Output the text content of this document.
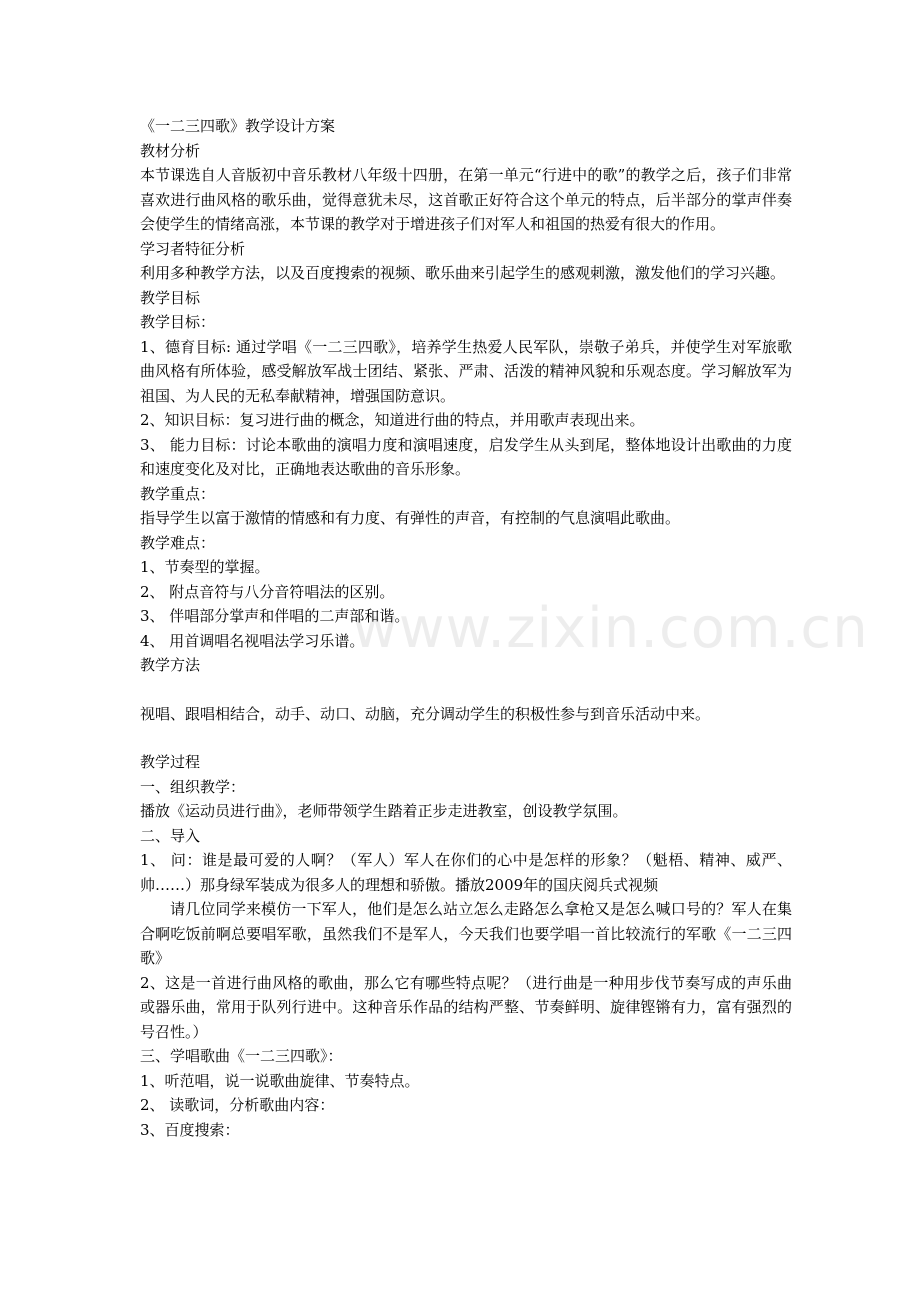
www.zixin.com.cn

《一二三四歌》教学设计方案

教材分析

本节课选自人音版初中音乐教材八年级十四册，在第一单元“行进中的歌”的教学之后，孩子们非常喜欢进行曲风格的歌乐曲，觉得意犹未尽，这首歌正好符合这个单元的特点，后半部分的掌声伴奏会使学生的情绪高涨，本节课的教学对于增进孩子们对军人和祖国的热爱有很大的作用。

学习者特征分析

利用多种教学方法，以及百度搜索的视频、歌乐曲来引起学生的感观刺激，激发他们的学习兴趣。

教学目标

教学目标：

1、德育目标: 通过学唱《一二三四歌》，培养学生热爱人民军队，崇敬子弟兵，并使学生对军旅歌曲风格有所体验，感受解放军战士团结、紧张、严肃、活泼的精神风貌和乐观态度。学习解放军为祖国、为人民的无私奉献精神，增强国防意识。

2、知识目标：复习进行曲的概念，知道进行曲的特点，并用歌声表现出来。

3、 能力目标：讨论本歌曲的演唱力度和演唱速度，启发学生从头到尾，整体地设计出歌曲的力度和速度变化及对比，正确地表达歌曲的音乐形象。

教学重点：

指导学生以富于激情的情感和有力度、有弹性的声音，有控制的气息演唱此歌曲。

教学难点：

1、节奏型的掌握。

2、 附点音符与八分音符唱法的区别。

3、 伴唱部分掌声和伴唱的二声部和谐。

4、 用首调唱名视唱法学习乐谱。

教学方法

视唱、跟唱相结合，动手、动口、动脑，充分调动学生的积极性参与到音乐活动中来。

教学过程

一、组织教学：

播放《运动员进行曲》，老师带领学生踏着正步走进教室，创设教学氛围。

二、导入

1、 问：谁是最可爱的人啊？（军人）军人在你们的心中是怎样的形象？（魁梧、精神、威严、帅……）那身绿军装成为很多人的理想和骄傲。播放2009年的国庆阅兵式视频

请几位同学来模仿一下军人，他们是怎么站立怎么走路怎么拿枪又是怎么喊口号的？军人在集合啊吃饭前啊总要唱军歌，虽然我们不是军人，今天我们也要学唱一首比较流行的军歌《一二三四歌》

2、这是一首进行曲风格的歌曲，那么它有哪些特点呢？（进行曲是一种用步伐节奏写成的声乐曲或器乐曲，常用于队列行进中。这种音乐作品的结构严整、节奏鲜明、旋律铿锵有力，富有强烈的号召性。）

三、学唱歌曲《一二三四歌》：

1、听范唱，说一说歌曲旋律、节奏特点。

2、 读歌词，分析歌曲内容：

3、百度搜索：
